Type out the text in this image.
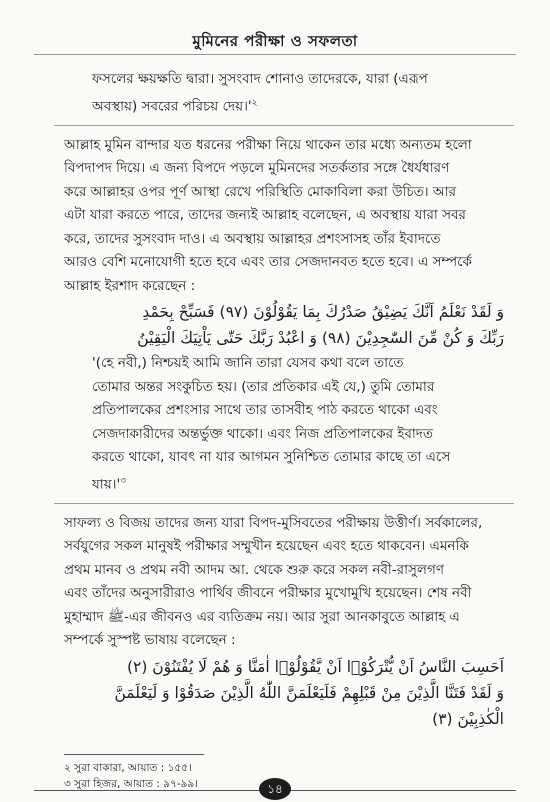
মুমিনের পরীক্ষা ও সফলতা

ফসলের ক্ষয়ক্ষতি দ্বারা। সুসংবাদ শোনাও তাদেরকে, যারা (এরূপ

অবস্থায়) সবরের পরিচয় দেয়।'$^২$

আল্লাহ মুমিন বান্দার যত ধরনের পরীক্ষা নিয়ে থাকেন তার মধ্যে অন্যতম হলো

বিপদাপদ দিয়ে। এ জন্য বিপদে পড়লে মুমিনদের সতর্কতার সঙ্গে ধৈর্যধারণ

করে আল্লাহর ওপর পূর্ণ আস্থা রেখে পরিস্থিতি মোকাবিলা করা উচিত। আর

এটা যারা করতে পারে, তাদের জন্যই আল্লাহ বলেছেন, এ অবস্থায় যারা সবর

করে, তাদের সুসংবাদ দাও। এ অবস্থায় আল্লাহর প্রশংসাসহ তাঁর ইবাদতে

আরও বেশি মনোযোগী হতে হবে এবং তার সেজদানবত হতে হবে। এ সম্পর্কে

আল্লাহ ইরশাদ করেছেন :

وَ لَقَدْ نَعْلَمُ اَنَّكَ يَضِيْقُ صَدْرُكَ بِمَا يَقُوْلُوْنَ (٩٧) فَسَبِّحْ بِحَمْدِ

رَبِّكَ وَ كُنْ مِّنَ السّٰجِدِيْنَ (٩٨) وَ اعْبُدْ رَبَّكَ حَتّٰى يَاْتِيَكَ الْيَقِيْنُ

'(হে নবী,) নিশ্চয়ই আমি জানি তারা যেসব কথা বলে তাতে

তোমার অন্তর সংকুচিত হয়। (তার প্রতিকার এই যে,) তুমি তোমার

প্রতিপালকের প্রশংসার সাথে তার তাসবীহ পাঠ করতে থাকো এবং

সেজদাকারীদের অন্তর্ভুক্ত থাকো। এবং নিজ প্রতিপালকের ইবাদত

করতে থাকো, যাবৎ না যার আগমন সুনিশ্চিত তোমার কাছে তা এসে

যায়।'$^৩$

সাফল্য ও বিজয় তাদের জন্য যারা বিপদ-মুসিবতের পরীক্ষায় উত্তীর্ণ। সর্বকালের,

সর্বযুগের সকল মানুষই পরীক্ষার সম্মুখীন হয়েছেন এবং হতে থাকবেন। এমনকি

প্রথম মানব ও প্রথম নবী আদম আ. থেকে শুরু করে সকল নবী-রাসুলগণ

এবং তাঁদের অনুসারীরাও পার্থিব জীবনে পরীক্ষার মুখোমুখি হয়েছেন। শেষ নবী

মুহাম্মাদ ﷺ-এর জীবনও এর ব্যতিক্রম নয়। আর সুরা আনকাবুতে আল্লাহ এ

সম্পর্কে সুস্পষ্ট ভাষায় বলেছেন :

اَحَسِبَ النَّاسُ اَنْ يُّتْرَكُوْۤا اَنْ يَّقُوْلُوْۤا اٰمَنَّا وَ هُمْ لَا يُفْتَنُوْنَ (٢)

وَ لَقَدْ فَتَنَّا الَّذِيْنَ مِنْ قَبْلِهِمْ فَلَيَعْلَمَنَّ اللّٰهُ الَّذِيْنَ صَدَقُوْا وَ لَيَعْلَمَنَّ

الْكٰذِبِيْنَ (٣)

২ সুরা বাকারা, আয়াত : ১৫৫।
৩ সুরা হিজর, আয়াত : ৯৭-৯৯।	১৪
